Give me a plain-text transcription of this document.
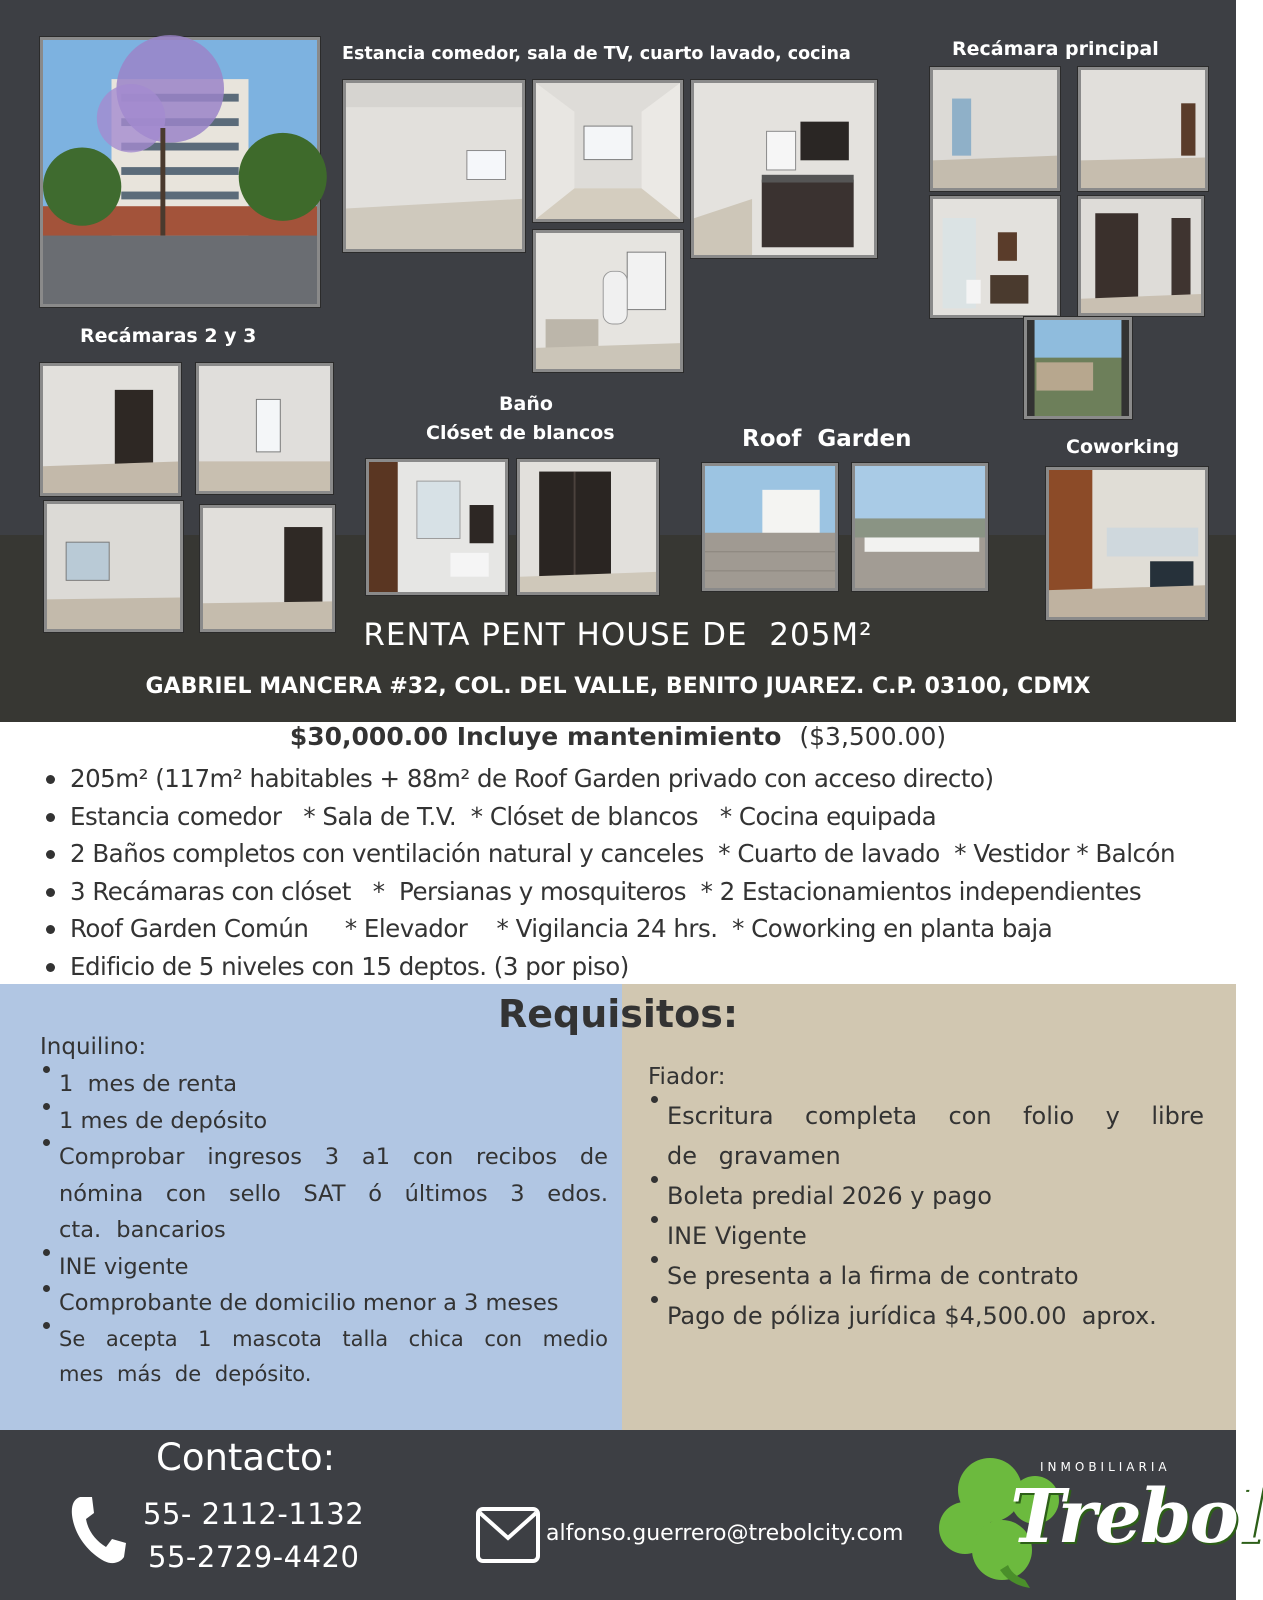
Estancia comedor, sala de TV, cuarto lavado, cocina	Recámara principal
Recámaras 2 y 3
Baño
Clóset de blancos	Roof  Garden	Coworking
RENTA PENT HOUSE DE  205M²
GABRIEL MANCERA #32, COL. DEL VALLE, BENITO JUAREZ. C.P. 03100, CDMX
$30,000.00 Incluye mantenimiento ($3,500.00)
205m² (117m² habitables + 88m² de Roof Garden privado con acceso directo)
Estancia comedor   * Sala de T.V.  * Clóset de blancos   * Cocina equipada
2 Baños completos con ventilación natural y canceles  * Cuarto de lavado  * Vestidor * Balcón
3 Recámaras con clóset   *  Persianas y mosquiteros  * 2 Estacionamientos independientes
Roof Garden Común     * Elevador    * Vigilancia 24 hrs.  * Coworking en planta baja
Edificio de 5 niveles con 15 deptos. (3 por piso)
Requisitos:
Inquilino:
1  mes de renta
1 mes de depósito
Comprobar ingresos 3 a1 con recibos de nómina con sello SAT ó últimos 3 edos. cta. bancarios
INE vigente
Comprobante de domicilio menor a 3 meses
Se acepta 1 mascota talla chica con medio mes más de depósito.
Fiador:
Escritura completa con folio y libre de gravamen
Boleta predial 2026 y pago
INE Vigente
Se presenta a la firma de contrato
Pago de póliza jurídica $4,500.00  aprox.
Contacto:
55- 2112-1132
55-2729-4420
alfonso.guerrero@trebolcity.com
INMOBILIARIA
Trebol
